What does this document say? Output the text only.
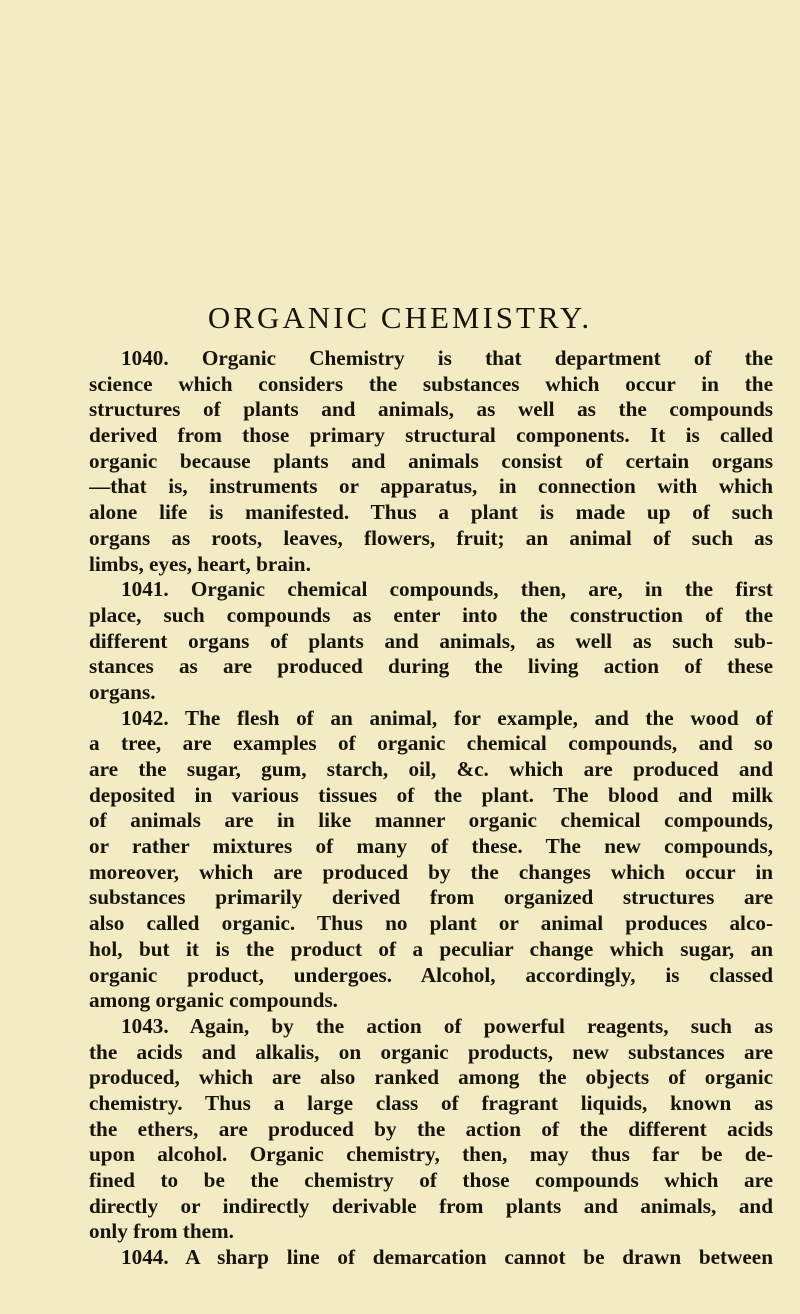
ORGANIC CHEMISTRY.
1040. Organic Chemistry is that department of the
science which considers the substances which occur in the
structures of plants and animals, as well as the compounds
derived from those primary structural components. It is called
organic because plants and animals consist of certain organs
—that is, instruments or apparatus, in connection with which
alone life is manifested. Thus a plant is made up of such
organs as roots, leaves, flowers, fruit; an animal of such as
limbs, eyes, heart, brain.
1041. Organic chemical compounds, then, are, in the first
place, such compounds as enter into the construction of the
different organs of plants and animals, as well as such sub-
stances as are produced during the living action of these
organs.
1042. The flesh of an animal, for example, and the wood of
a tree, are examples of organic chemical compounds, and so
are the sugar, gum, starch, oil, &c. which are produced and
deposited in various tissues of the plant. The blood and milk
of animals are in like manner organic chemical compounds,
or rather mixtures of many of these. The new compounds,
moreover, which are produced by the changes which occur in
substances primarily derived from organized structures are
also called organic. Thus no plant or animal produces alco-
hol, but it is the product of a peculiar change which sugar, an
organic product, undergoes. Alcohol, accordingly, is classed
among organic compounds.
1043. Again, by the action of powerful reagents, such as
the acids and alkalis, on organic products, new substances are
produced, which are also ranked among the objects of organic
chemistry. Thus a large class of fragrant liquids, known as
the ethers, are produced by the action of the different acids
upon alcohol. Organic chemistry, then, may thus far be de-
fined to be the chemistry of those compounds which are
directly or indirectly derivable from plants and animals, and
only from them.
1044. A sharp line of demarcation cannot be drawn between
